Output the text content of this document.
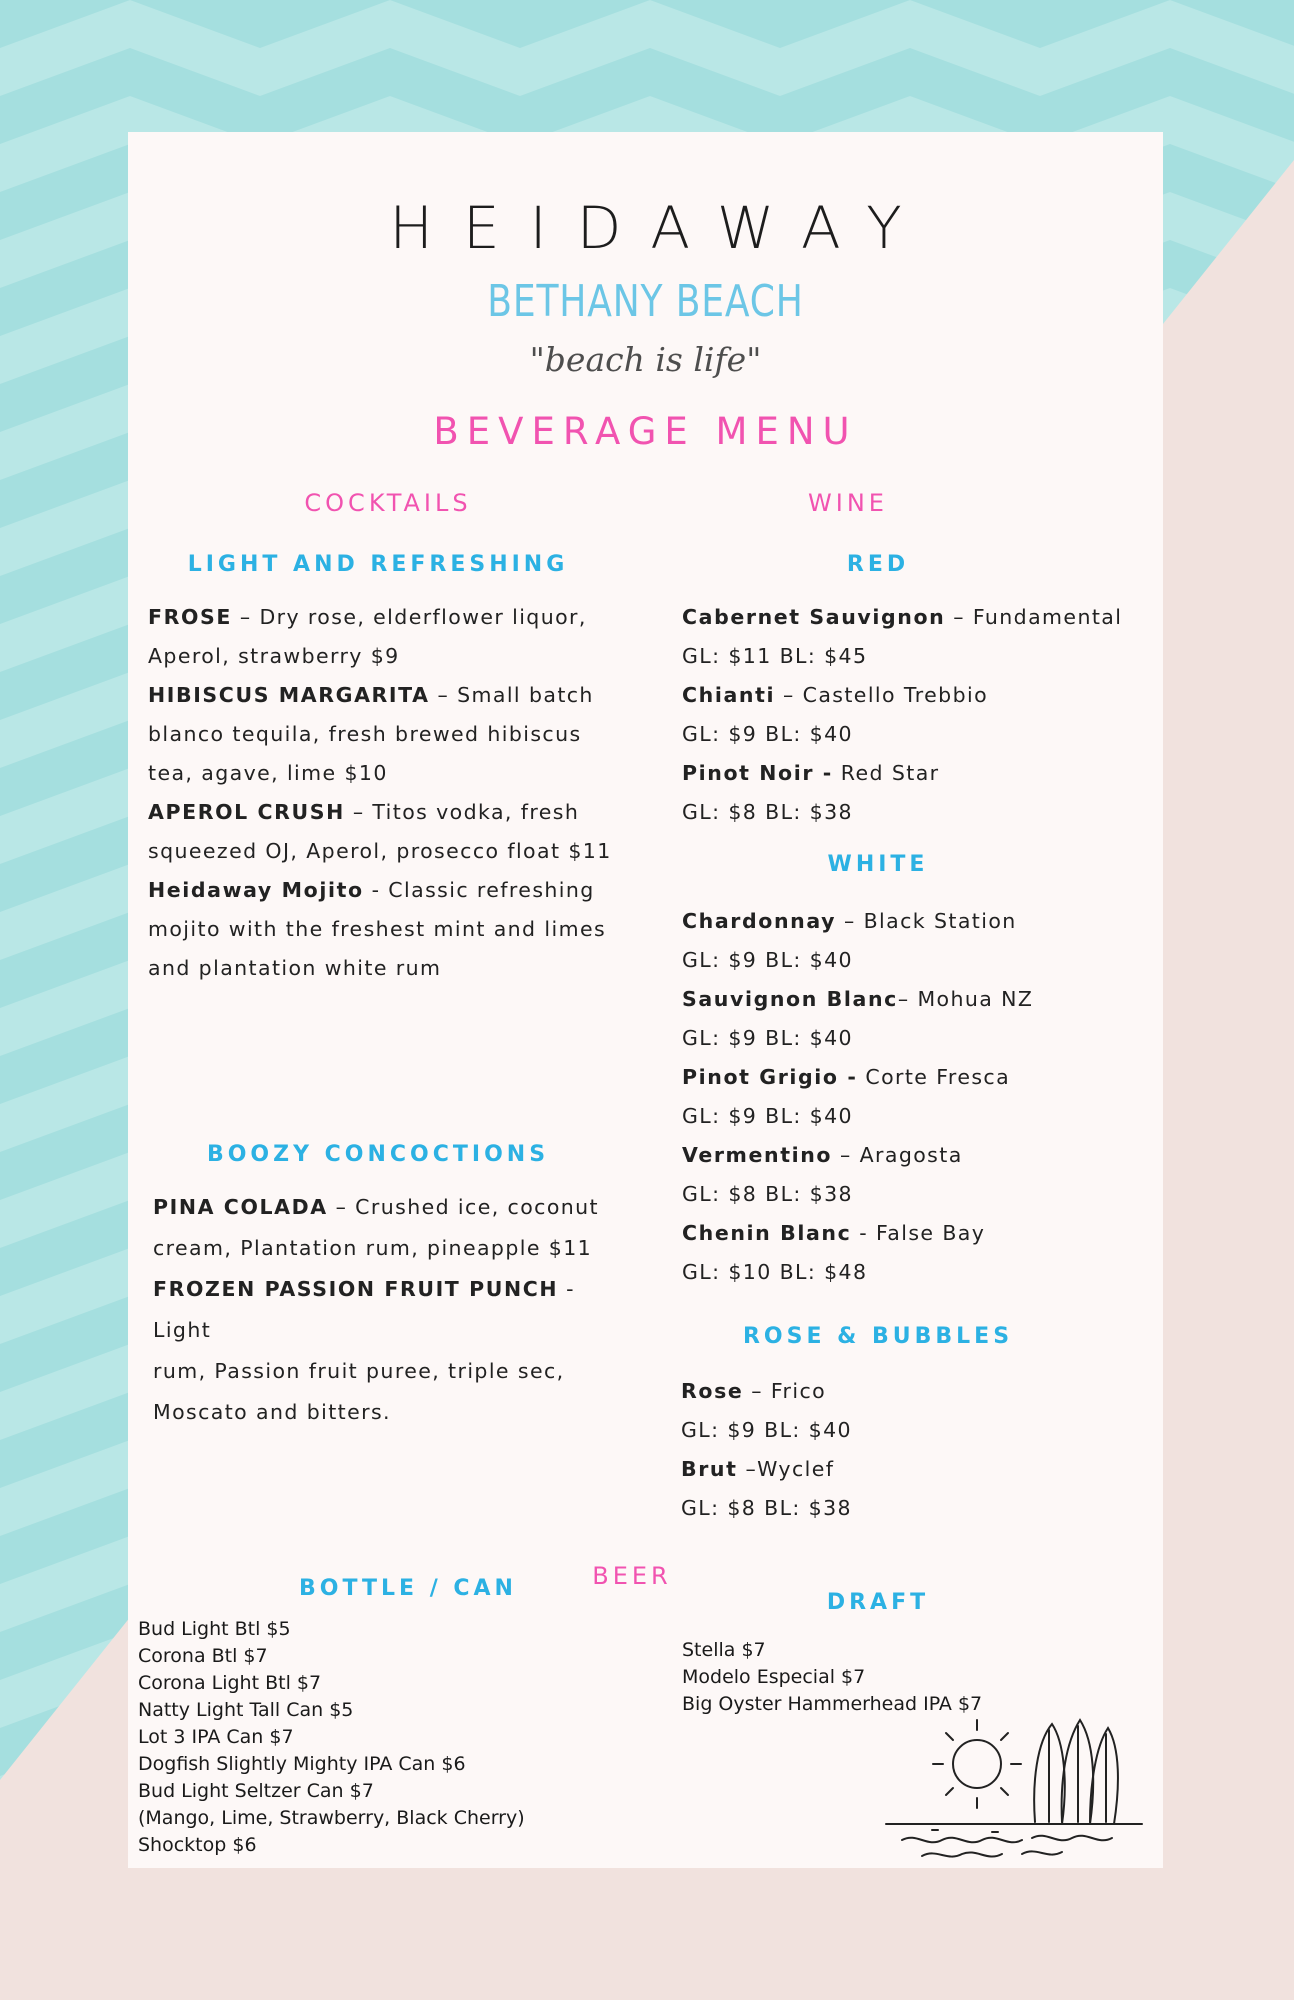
HEIDAWAY
BETHANY BEACH
"beach is life"
BEVERAGE MENU
COCKTAILS
LIGHT AND REFRESHING
FROSE – Dry rose, elderflower liquor,
Aperol, strawberry $9
HIBISCUS MARGARITA – Small batch
blanco tequila, fresh brewed hibiscus
tea, agave, lime $10
APEROL CRUSH – Titos vodka, fresh
squeezed OJ, Aperol, prosecco float $11
Heidaway Mojito - Classic refreshing
mojito with the freshest mint and limes
and plantation white rum
BOOZY CONCOCTIONS
PINA COLADA – Crushed ice, coconut
cream, Plantation rum, pineapple $11
FROZEN PASSION FRUIT PUNCH - Light
rum, Passion fruit puree, triple sec,
Moscato and bitters.
WINE
RED
Cabernet Sauvignon – Fundamental
GL: $11 BL: $45
Chianti – Castello Trebbio
GL: $9 BL: $40
Pinot Noir - Red Star
GL: $8 BL: $38
WHITE
Chardonnay – Black Station
GL: $9 BL: $40
Sauvignon Blanc– Mohua NZ
GL: $9 BL: $40
Pinot Grigio - Corte Fresca
GL: $9 BL: $40
Vermentino – Aragosta
GL: $8 BL: $38
Chenin Blanc - False Bay
GL: $10 BL: $48
ROSE & BUBBLES
Rose – Frico
GL: $9 BL: $40
Brut –Wyclef
GL: $8 BL: $38
BEER
BOTTLE / CAN
DRAFT
Bud Light Btl $5
Corona Btl $7
Corona Light Btl $7
Natty Light Tall Can $5
Lot 3 IPA Can $7
Dogfish Slightly Mighty IPA Can $6
Bud Light Seltzer Can $7
(Mango, Lime, Strawberry, Black Cherry)
Shocktop $6
Stella $7
Modelo Especial $7
Big Oyster Hammerhead IPA $7
